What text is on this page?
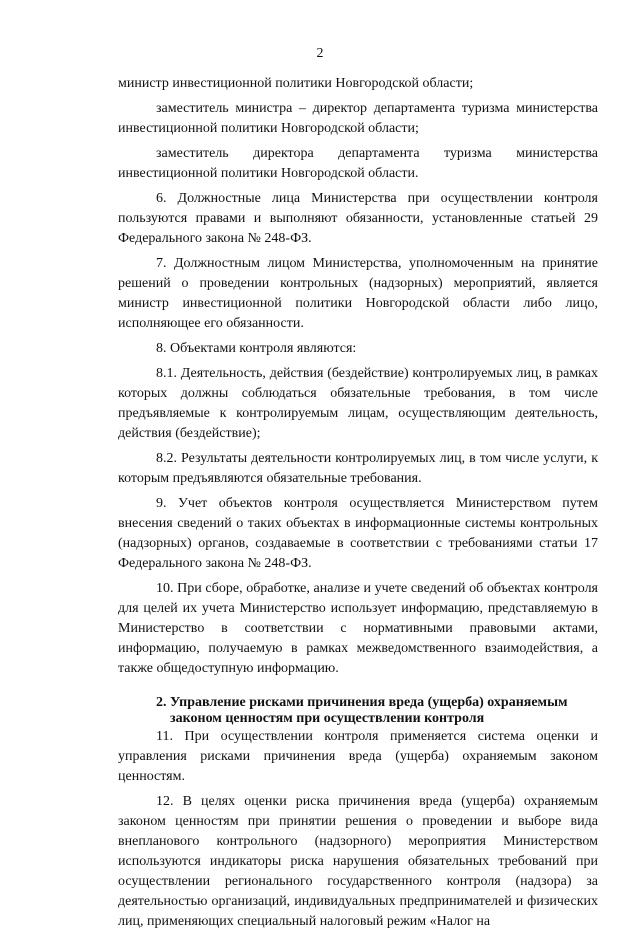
2

министр инвестиционной политики Новгородской области;

заместитель министра – директор департамента туризма министерства инвестиционной политики Новгородской области;

заместитель директора департамента туризма министерства инвестиционной политики Новгородской области.

6. Должностные лица Министерства при осуществлении контроля пользуются правами и выполняют обязанности, установленные статьей 29 Федерального закона № 248-ФЗ.

7. Должностным лицом Министерства, уполномоченным на принятие решений о проведении контрольных (надзорных) мероприятий, является министр инвестиционной политики Новгородской области либо лицо, исполняющее его обязанности.

8. Объектами контроля являются:

8.1. Деятельность, действия (бездействие) контролируемых лиц, в рамках которых должны соблюдаться обязательные требования, в том числе предъявляемые к контролируемым лицам, осуществляющим деятельность, действия (бездействие);

8.2. Результаты деятельности контролируемых лиц, в том числе услуги, к которым предъявляются обязательные требования.

9. Учет объектов контроля осуществляется Министерством путем внесения сведений о таких объектах в информационные системы контрольных (надзорных) органов, создаваемые в соответствии с требованиями статьи 17 Федерального закона № 248-ФЗ.

10. При сборе, обработке, анализе и учете сведений об объектах контроля для целей их учета Министерство использует информацию, представляемую в Министерство в соответствии с нормативными правовыми актами, информацию, получаемую в рамках межведомственного взаимодействия, а также общедоступную информацию.

2. Управление рисками причинения вреда (ущерба) охраняемым
законом ценностям при осуществлении контроля

11. При осуществлении контроля применяется система оценки и управления рисками причинения вреда (ущерба) охраняемым законом ценностям.

12. В целях оценки риска причинения вреда (ущерба) охраняемым законом ценностям при принятии решения о проведении и выборе вида внепланового контрольного (надзорного) мероприятия Министерством используются индикаторы риска нарушения обязательных требований при осуществлении регионального государственного контроля (надзора) за деятельностью организаций, индивидуальных предпринимателей и физических лиц, применяющих специальный налоговый режим «Налог на
